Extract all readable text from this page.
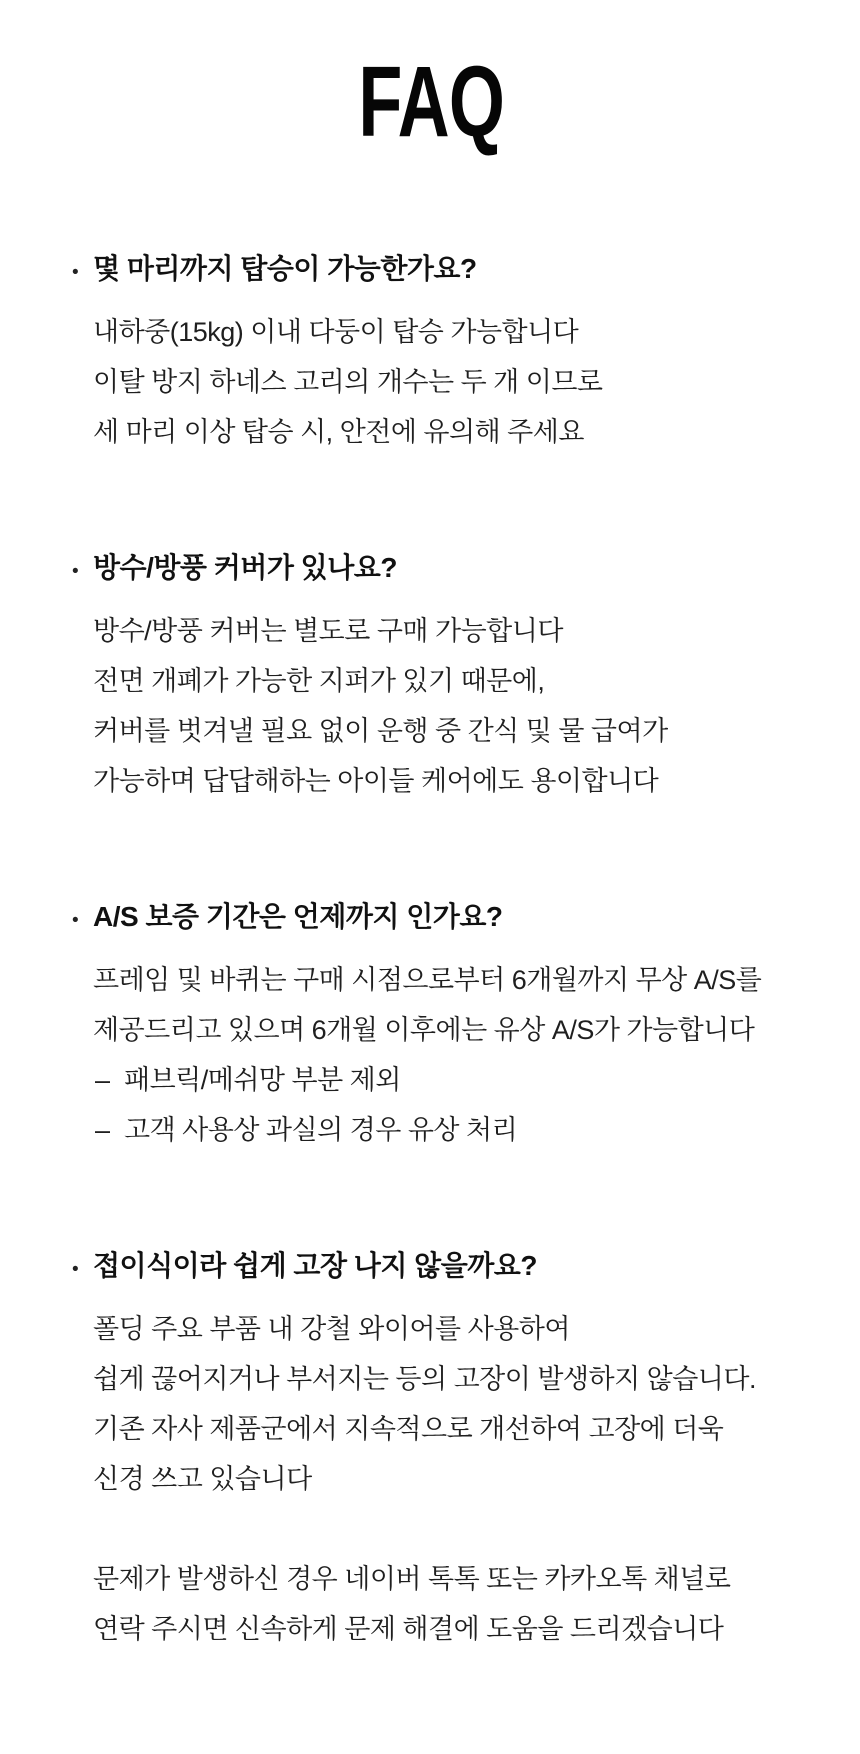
FAQ
• 몇 마리까지 탑승이 가능한가요?
내하중(15kg) 이내 다둥이 탑승 가능합니다
이탈 방지 하네스 고리의 개수는 두 개 이므로
세 마리 이상 탑승 시, 안전에 유의해 주세요
• 방수/방풍 커버가 있나요?
방수/방풍 커버는 별도로 구매 가능합니다
전면 개폐가 가능한 지퍼가 있기 때문에,
커버를 벗겨낼 필요 없이 운행 중 간식 및 물 급여가
가능하며 답답해하는 아이들 케어에도 용이합니다
• A/S 보증 기간은 언제까지 인가요?
프레임 및 바퀴는 구매 시점으로부터 6개월까지 무상 A/S를
제공드리고 있으며 6개월 이후에는 유상 A/S가 가능합니다
– 패브릭/메쉬망 부분 제외
– 고객 사용상 과실의 경우 유상 처리
• 접이식이라 쉽게 고장 나지 않을까요?
폴딩 주요 부품 내 강철 와이어를 사용하여
쉽게 끊어지거나 부서지는 등의 고장이 발생하지 않습니다.
기존 자사 제품군에서 지속적으로 개선하여 고장에 더욱
신경 쓰고 있습니다
문제가 발생하신 경우 네이버 톡톡 또는 카카오톡 채널로
연락 주시면 신속하게 문제 해결에 도움을 드리겠습니다
